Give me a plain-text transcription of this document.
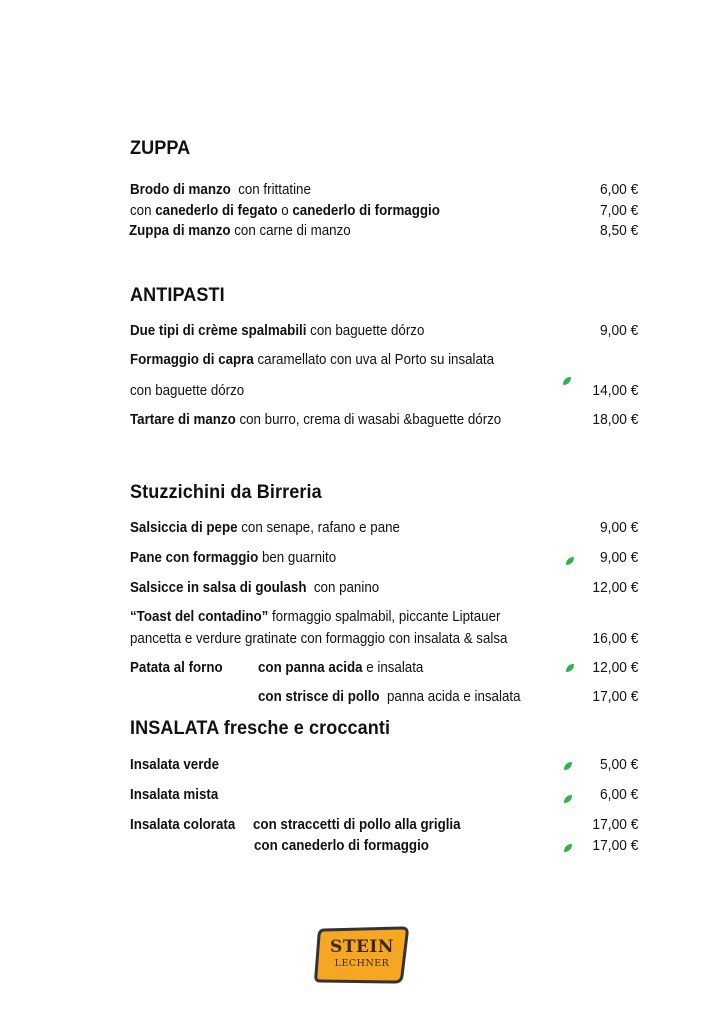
ZUPPA
Brodo di manzo  con frittatine	6,00 €
con canederlo di fegato o canederlo di formaggio	7,00 €
Zuppa di manzo con carne di manzo	8,50 €
ANTIPASTI
Due tipi di crème spalmabili con baguette dórzo	9,00 €
Formaggio di capra caramellato con uva al Porto su insalata
con baguette dórzo	14,00 €
Tartare di manzo con burro, crema di wasabi &baguette dórzo	18,00 €
Stuzzichini da Birreria
Salsiccia di pepe con senape, rafano e pane	9,00 €
Pane con formaggio ben guarnito	9,00 €
Salsicce in salsa di goulash  con panino	12,00 €
“Toast del contadino” formaggio spalmabil, piccante Liptauer
pancetta e verdure gratinate con formaggio con insalata & salsa	16,00 €
Patata al forno con panna acida e insalata	12,00 €
con strisce di pollo  panna acida e insalata	17,00 €
INSALATA fresche e croccanti
Insalata verde	5,00 €
Insalata mista	6,00 €
Insalata colorata con straccetti di pollo alla griglia	17,00 €
con canederlo di formaggio	17,00 €
STEIN
LECHNER
